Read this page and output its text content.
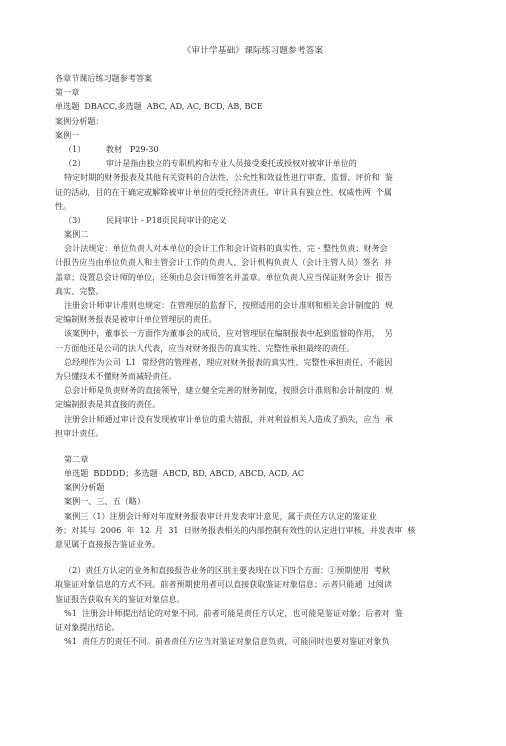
《审计学基础》课际练习题参考答案
各章节课后练习题参考答案
第一章
单选题  DBACC,多选题  ABC, AD, AC, BCD, AB, BCE
案例分析题：
案例一
（1）        教材   P29-30
（2）        审计是指由独立的专职机构和专业人员接受委托或授权对被审计单位的
特定时期的财务报表及其他有关资料的合法性、公允性和效益性进行审查、监督、评价和  鉴
证的活动，目的在于确定或解除被审计单位的受托经济责任。审计具有独立性、权威性两  个属
性。
（3）        民间审计 - P18页民间审计的定义
案例二
会计法规定：单位负责人对本单位的会计工作和会计资料的真实性、完・整性负责；财务会
计报告应当由单位负责人和主管会计工作的负责人、会计机构负责人（会计主管人员）签名  并
盖章；设置总会计师的单位，还须由总会计师签名并盖章。单位负责人应当保证财务会计  报告
真实、完整。
注册会计师审计准则也规定：在管理层的监督下，按照适用的会计准则和相关会计制度的  规
定编制财务报表是被审计单位管理层的责任。
该案例中，董事长一方面作为董事会的成员，应对管理层在编制报表中起到监督的作用，  另
一方面他还是公司的法人代表，应当对财务报告的真实性、完整性承担最终的责任。
总经理作为公司  L1  常经营的管理者，理应对财务报表的真实性、完整性承担责任，不能因
为只懂技术不懂财务而减轻责任。
总会计师是负责财务的直接领导，建立健全完善的财务制度，按照会计准则和会计制度的  规
定编制报表是其直接的责任。
注册会计师通过审计没有发现被审计单位的重大错报，并对利益相关人造成了损失，应当  承
担审计责任。
第二章
单选题  BDDDD；多选题  ABCD, BD, ABCD, ABCD, ACD, AC
案例分析题
案例一、三、五（略）
案例三（1）注册会计师对年度财务报表审计并发表审计意见，属于责任方认定的鉴证业
务；对其与  2006  年  12  月  31  日财务报表相关的内部控制有效性的认定进行审核，并发表审  核
意见属于直接报告鉴证业务。
（2）责任方认定的业务和直接报告业务的区别主要表现在以下四个方面：①预期使用  考秋
取鉴证对象信息的方式不同。前者预期使用者可以直接获取鉴证对象信息；示者只能通  过阅读
鉴证报告获取有关的鉴证对象信息。
%1  注册会计师提出结论的对象不同。前者可能是责任方认定，也可能是鉴证对象；后者对  鉴
证对象提出结论。
%1  责任方的责任不同。前者责任方应当对鉴证对象信息负责，可能同时也要对鉴证对象负
